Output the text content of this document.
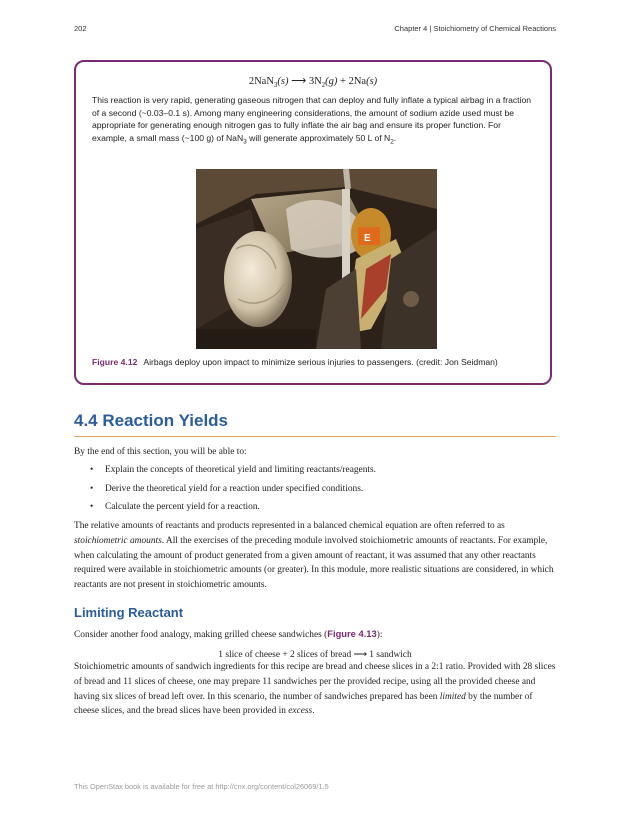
202	Chapter 4 | Stoichiometry of Chemical Reactions
2NaN$_3$(s) ⟶ $3N_2(g) + 2Na(s)$
This reaction is very rapid, generating gaseous nitrogen that can deploy and fully inflate a typical airbag in a fraction of a second (~0.03–0.1 s). Among many engineering considerations, the amount of sodium azide used must be appropriate for generating enough nitrogen gas to fully inflate the air bag and ensure its proper function. For example, a small mass (~100 g) of NaN$_3$ will generate approximately 50 L of $N_2$.
E
Figure 4.12 Airbags deploy upon impact to minimize serious injuries to passengers. (credit: Jon Seidman)
4.4 Reaction Yields
By the end of this section, you will be able to:
• Explain the concepts of theoretical yield and limiting reactants/reagents.
• Derive the theoretical yield for a reaction under specified conditions.
• Calculate the percent yield for a reaction.
The relative amounts of reactants and products represented in a balanced chemical equation are often referred to as stoichiometric amounts. All the exercises of the preceding module involved stoichiometric amounts of reactants. For example, when calculating the amount of product generated from a given amount of reactant, it was assumed that any other reactants required were available in stoichiometric amounts (or greater). In this module, more realistic situations are considered, in which reactants are not present in stoichiometric amounts.
Limiting Reactant
Consider another food analogy, making grilled cheese sandwiches (Figure 4.13):
1 slice of cheese + 2 slices of bread ⟶ 1 sandwich
Stoichiometric amounts of sandwich ingredients for this recipe are bread and cheese slices in a 2:1 ratio. Provided with 28 slices of bread and 11 slices of cheese, one may prepare 11 sandwiches per the provided recipe, using all the provided cheese and having six slices of bread left over. In this scenario, the number of sandwiches prepared has been limited by the number of cheese slices, and the bread slices have been provided in excess.
This OpenStax book is available for free at http://cnx.org/content/col26069/1.5
